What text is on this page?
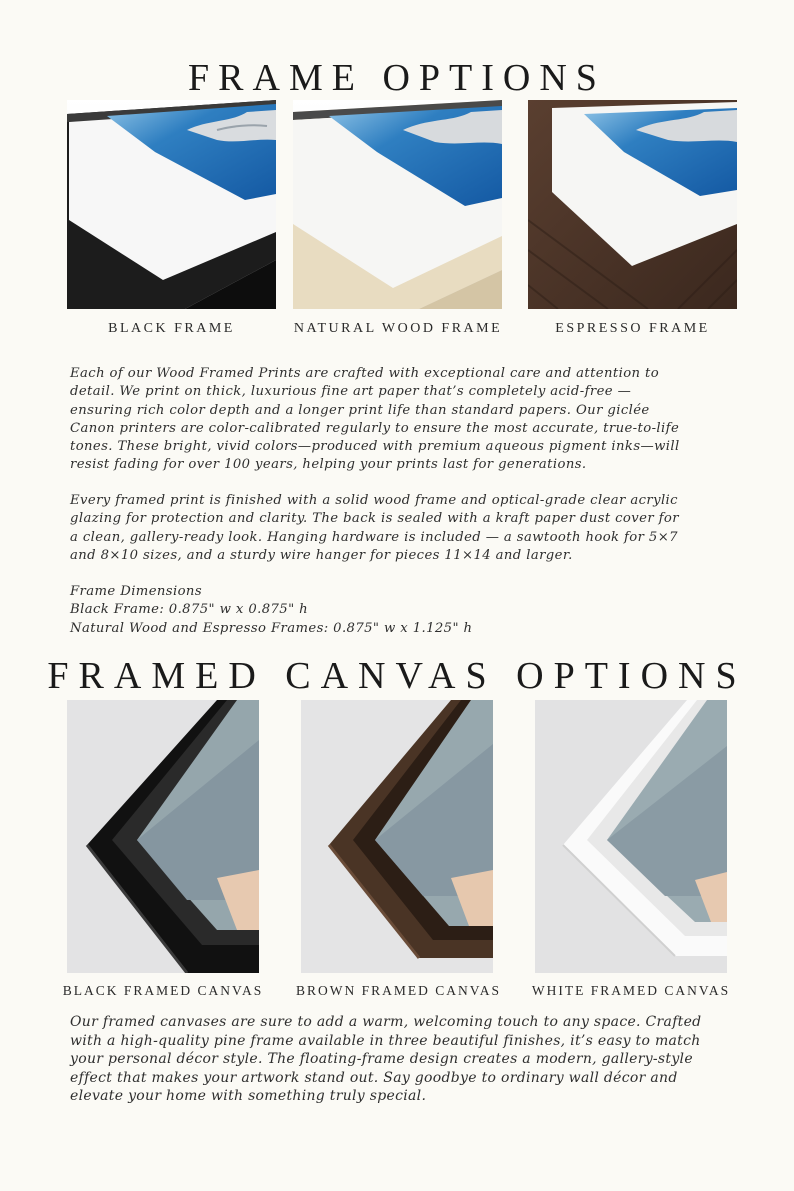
FRAME OPTIONS
BLACK FRAME	NATURAL WOOD FRAME	ESPRESSO FRAME

Each of our Wood Framed Prints are crafted with exceptional care and attention to
detail. We print on thick, luxurious fine art paper that’s completely acid-free —
ensuring rich color depth and a longer print life than standard papers. Our giclée
Canon printers are color-calibrated regularly to ensure the most accurate, true-to-life
tones. These bright, vivid colors—produced with premium aqueous pigment inks—will
resist fading for over 100 years, helping your prints last for generations.

Every framed print is finished with a solid wood frame and optical-grade clear acrylic
glazing for protection and clarity. The back is sealed with a kraft paper dust cover for
a clean, gallery-ready look. Hanging hardware is included — a sawtooth hook for 5×7
and 8×10 sizes, and a sturdy wire hanger for pieces 11×14 and larger.

Frame Dimensions
Black Frame: 0.875" w x 0.875" h
Natural Wood and Espresso Frames: 0.875" w x 1.125" h

FRAMED CANVAS OPTIONS
BLACK FRAMED CANVAS BROWN FRAMED CANVAS WHITE FRAMED CANVAS

Our framed canvases are sure to add a warm, welcoming touch to any space. Crafted
with a high-quality pine frame available in three beautiful finishes, it’s easy to match
your personal décor style. The floating-frame design creates a modern, gallery-style
effect that makes your artwork stand out. Say goodbye to ordinary wall décor and
elevate your home with something truly special.
